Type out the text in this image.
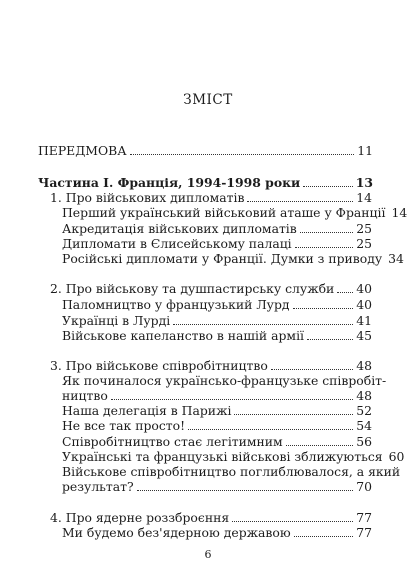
ЗМІСТ
ПЕРЕДМОВА	11
Частина I. Франція, 1994-1998 роки	13
1. Про військових дипломатів	14
Перший український військовий аташе у Франції 14
Акредитація військових дипломатів	25
Дипломати в Єлисейському палаці	25
Російські дипломати у Франції. Думки з приводу 34
2. Про військову та душпастирську служби 40
Паломництво у французький Лурд	40
Українці в Лурді	41
Військове капеланство в нашій армії	45
3. Про військове співробітництво	48
Як починалося українсько-французьке співробіт-
ництво	48
Наша делегація в Парижі	52
Не все так просто!	54
Співробітництво стає легітимним	56
Українські та французькі військові зближуються 60
Військове співробітництво поглиблювалося, а який
результат?	70
6
4. Про ядерне роззброєння	77
Ми будемо без'ядерною державою	77
